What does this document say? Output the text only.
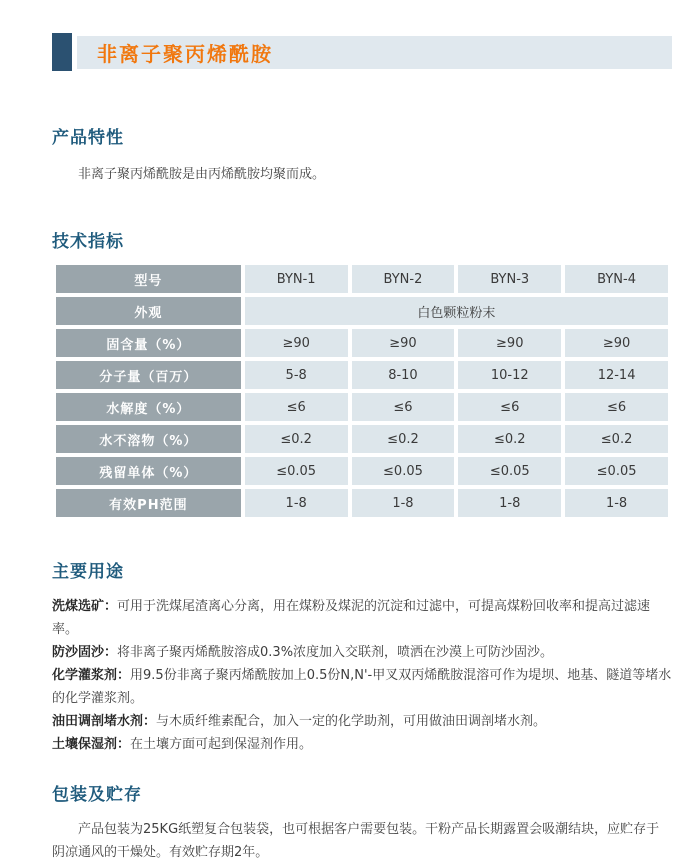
非离子聚丙烯酰胺
产品特性

非离子聚丙烯酰胺是由丙烯酰胺均聚而成。

技术指标
型号	BYN-1	BYN-2	BYN-3	BYN-4
外观	白色颗粒粉末			
固含量（%）	≥90	≥90	≥90	≥90
分子量（百万）	5-8	8-10	10-12	12-14
水解度（%）	≤6	≤6	≤6	≤6
水不溶物（%）	≤0.2	≤0.2	≤0.2	≤0.2
残留单体（%）	≤0.05	≤0.05	≤0.05	≤0.05
有效PH范围	1-8	1-8	1-8	1-8
主要用途

洗煤选矿：可用于洗煤尾渣离心分离，用在煤粉及煤泥的沉淀和过滤中，可提高煤粉回收率和提高过滤速率。

防沙固沙：将非离子聚丙烯酰胺溶成0.3%浓度加入交联剂，喷洒在沙漠上可防沙固沙。

化学灌浆剂：用9.5份非离子聚丙烯酰胺加上0.5份N,N'-甲叉双丙烯酰胺混溶可作为堤坝、地基、隧道等堵水的化学灌浆剂。

油田调剖堵水剂：与木质纤维素配合，加入一定的化学助剂，可用做油田调剖堵水剂。

土壤保湿剂：在土壤方面可起到保湿剂作用。

包装及贮存

产品包装为25KG纸塑复合包装袋，也可根据客户需要包装。干粉产品长期露置会吸潮结块，应贮存于阴凉通风的干燥处。有效贮存期2年。
